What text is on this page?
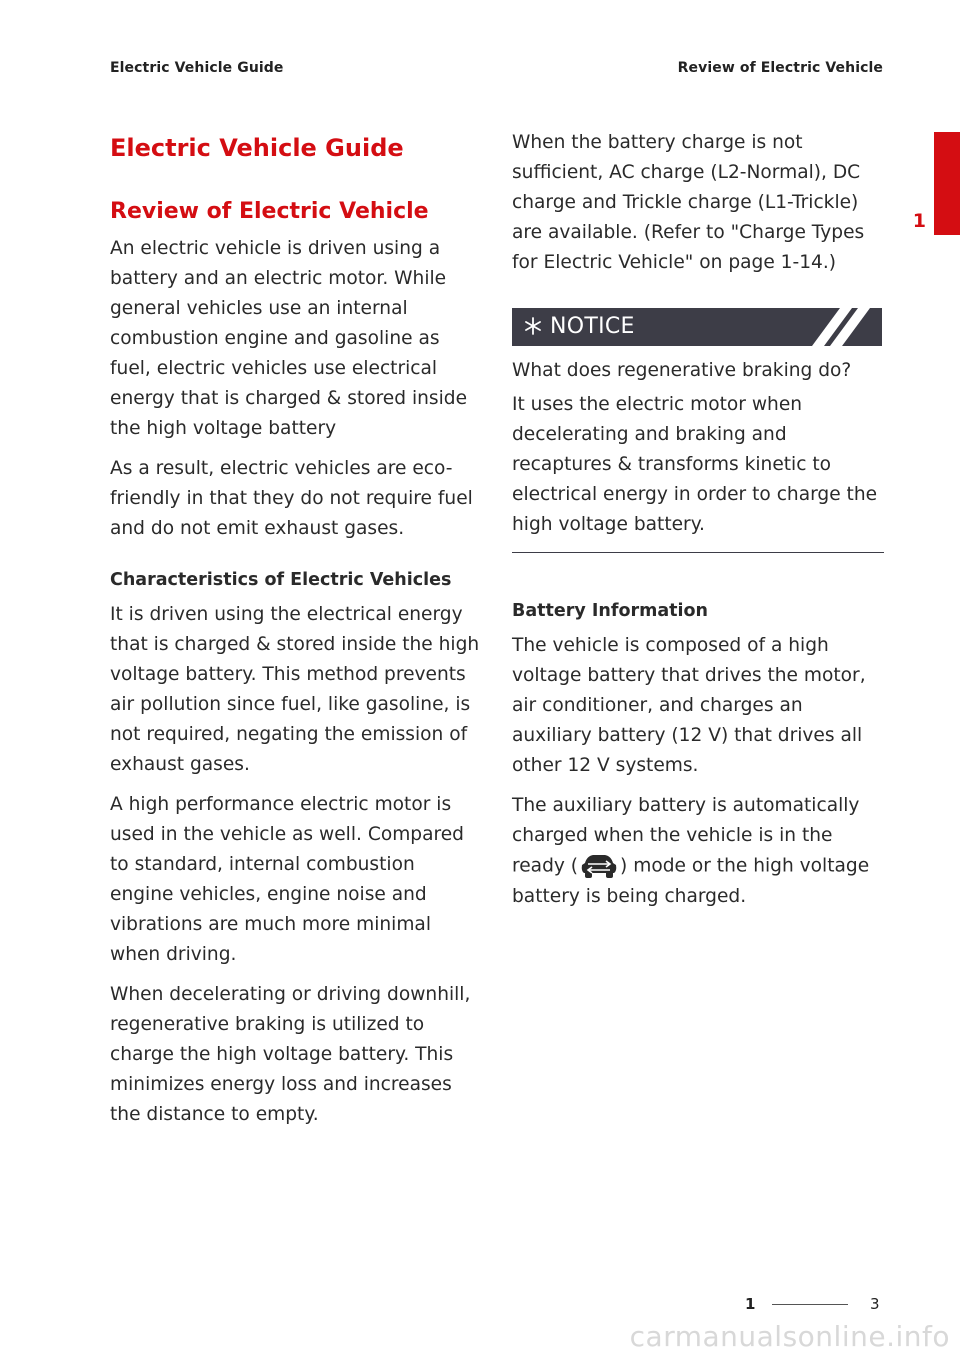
Electric Vehicle Guide	Review of Electric Vehicle
1
Electric Vehicle Guide
Review of Electric Vehicle

An electric vehicle is driven using a battery and an electric motor. While general vehicles use an internal combustion engine and gasoline as fuel, electric vehicles use electrical energy that is charged & stored inside the high voltage battery

As a result, electric vehicles are eco-friendly in that they do not require fuel and do not emit exhaust gases.

Characteristics of Electric Vehicles

It is driven using the electrical energy that is charged & stored inside the high voltage battery. This method prevents air pollution since fuel, like gasoline, is not required, negating the emission of exhaust gases.

A high performance electric motor is used in the vehicle as well. Compared to standard, internal combustion engine vehicles, engine noise and vibrations are much more minimal when driving.

When decelerating or driving downhill, regenerative braking is utilized to charge the high voltage battery. This minimizes energy loss and increases the distance to empty.

When the battery charge is not sufficient, AC charge (L2-Normal), DC charge and Trickle charge (L1-Trickle) are available. (Refer to "Charge Types for Electric Vehicle" on page 1-14.)

NOTICE

What does regenerative braking do?

It uses the electric motor when decelerating and braking and recaptures & transforms kinetic to electrical energy in order to charge the high voltage battery.

Battery Information

The vehicle is composed of a high voltage battery that drives the motor, air conditioner, and charges an auxiliary battery (12 V) that drives all other 12 V systems.

The auxiliary battery is automatically charged when the vehicle is in the ready ( ) mode or the high voltage battery is being charged.

1	3
carmanualsonline.info
